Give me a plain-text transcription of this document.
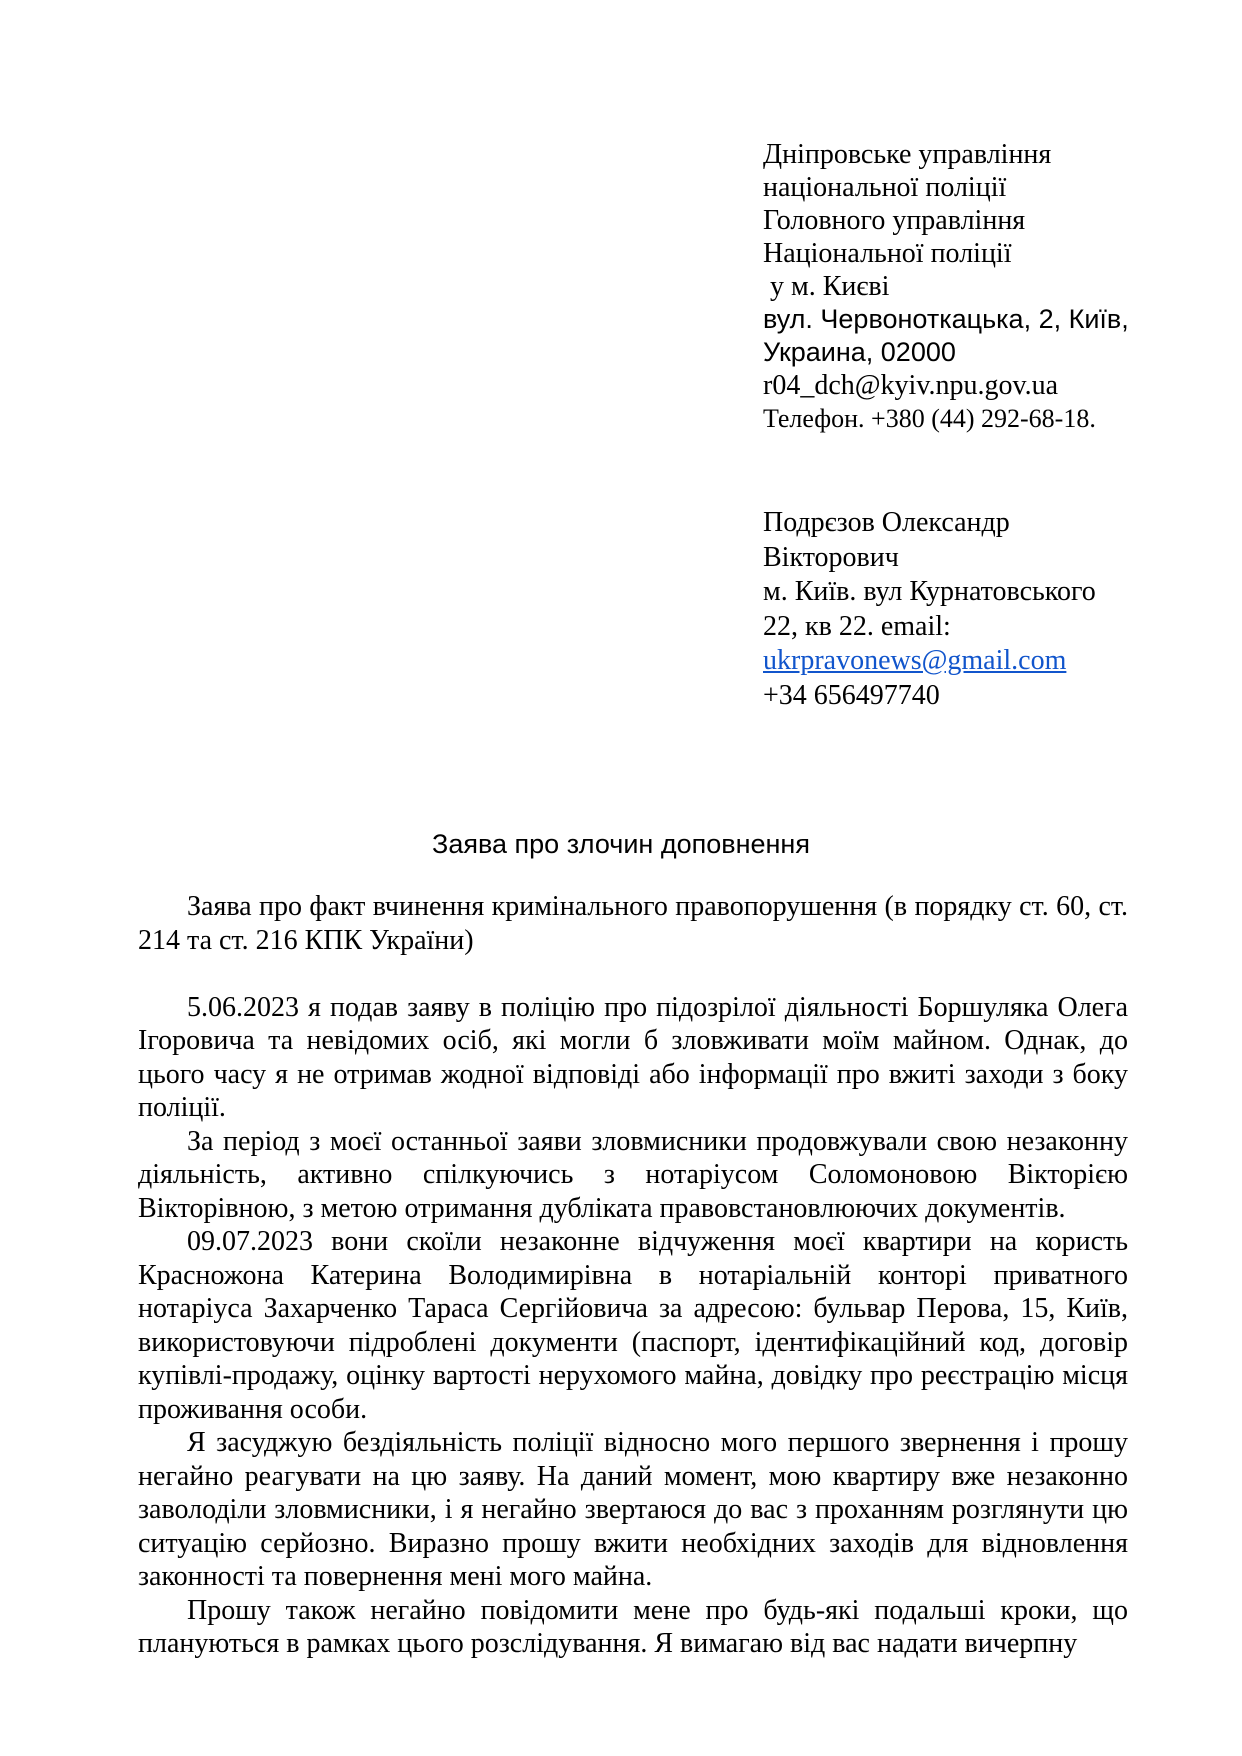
Дніпровське управління
національної поліції
Головного управління
Національної поліції
у м. Києві
вул. Червоноткацька, 2, Київ,
Украина, 02000
r04_dch@kyiv.npu.gov.ua
Телефон. +380 (44) 292-68-18.
Подрєзов Олександр
Вікторович
м. Київ. вул Курнатовського
22, кв 22. email:
ukrpravonews@gmail.com
+34 656497740
Заява про злочин доповнення

Заява про факт вчинення кримінального правопорушення (в порядку ст. 60, ст. 214 та ст. 216 КПК України)

5.06.2023 я подав заяву в поліцію про підозрілої діяльності Боршуляка Олега Ігоровича та невідомих осіб, які могли б зловживати моїм майном. Однак, до цього часу я не отримав жодної відповіді або інформації про вжиті заходи з боку поліції.

За період з моєї останньої заяви зловмисники продовжували свою незаконну діяльність, активно спілкуючись з нотаріусом Соломоновою Вікторією Вікторівною, з метою отримання дубліката правовстановлюючих документів.

09.07.2023 вони скоїли незаконне відчуження моєї квартири на користь Красножона Катерина Володимирівна в нотаріальній конторі приватного нотаріуса Захарченко Тараса Сергійовича за адресою: бульвар Перова, 15, Київ, використовуючи підроблені документи (паспорт, ідентифікаційний код, договір купівлі-продажу, оцінку вартості нерухомого майна, довідку про реєстрацію місця проживання особи.

Я засуджую бездіяльність поліції відносно мого першого звернення і прошу негайно реагувати на цю заяву. На даний момент, мою квартиру вже незаконно заволоділи зловмисники, і я негайно звертаюся до вас з проханням розглянути цю ситуацію серйозно. Виразно прошу вжити необхідних заходів для відновлення законності та повернення мені мого майна.

Прошу також негайно повідомити мене про будь-які подальші кроки, що плануються в рамках цього розслідування. Я вимагаю від вас надати вичерпну
